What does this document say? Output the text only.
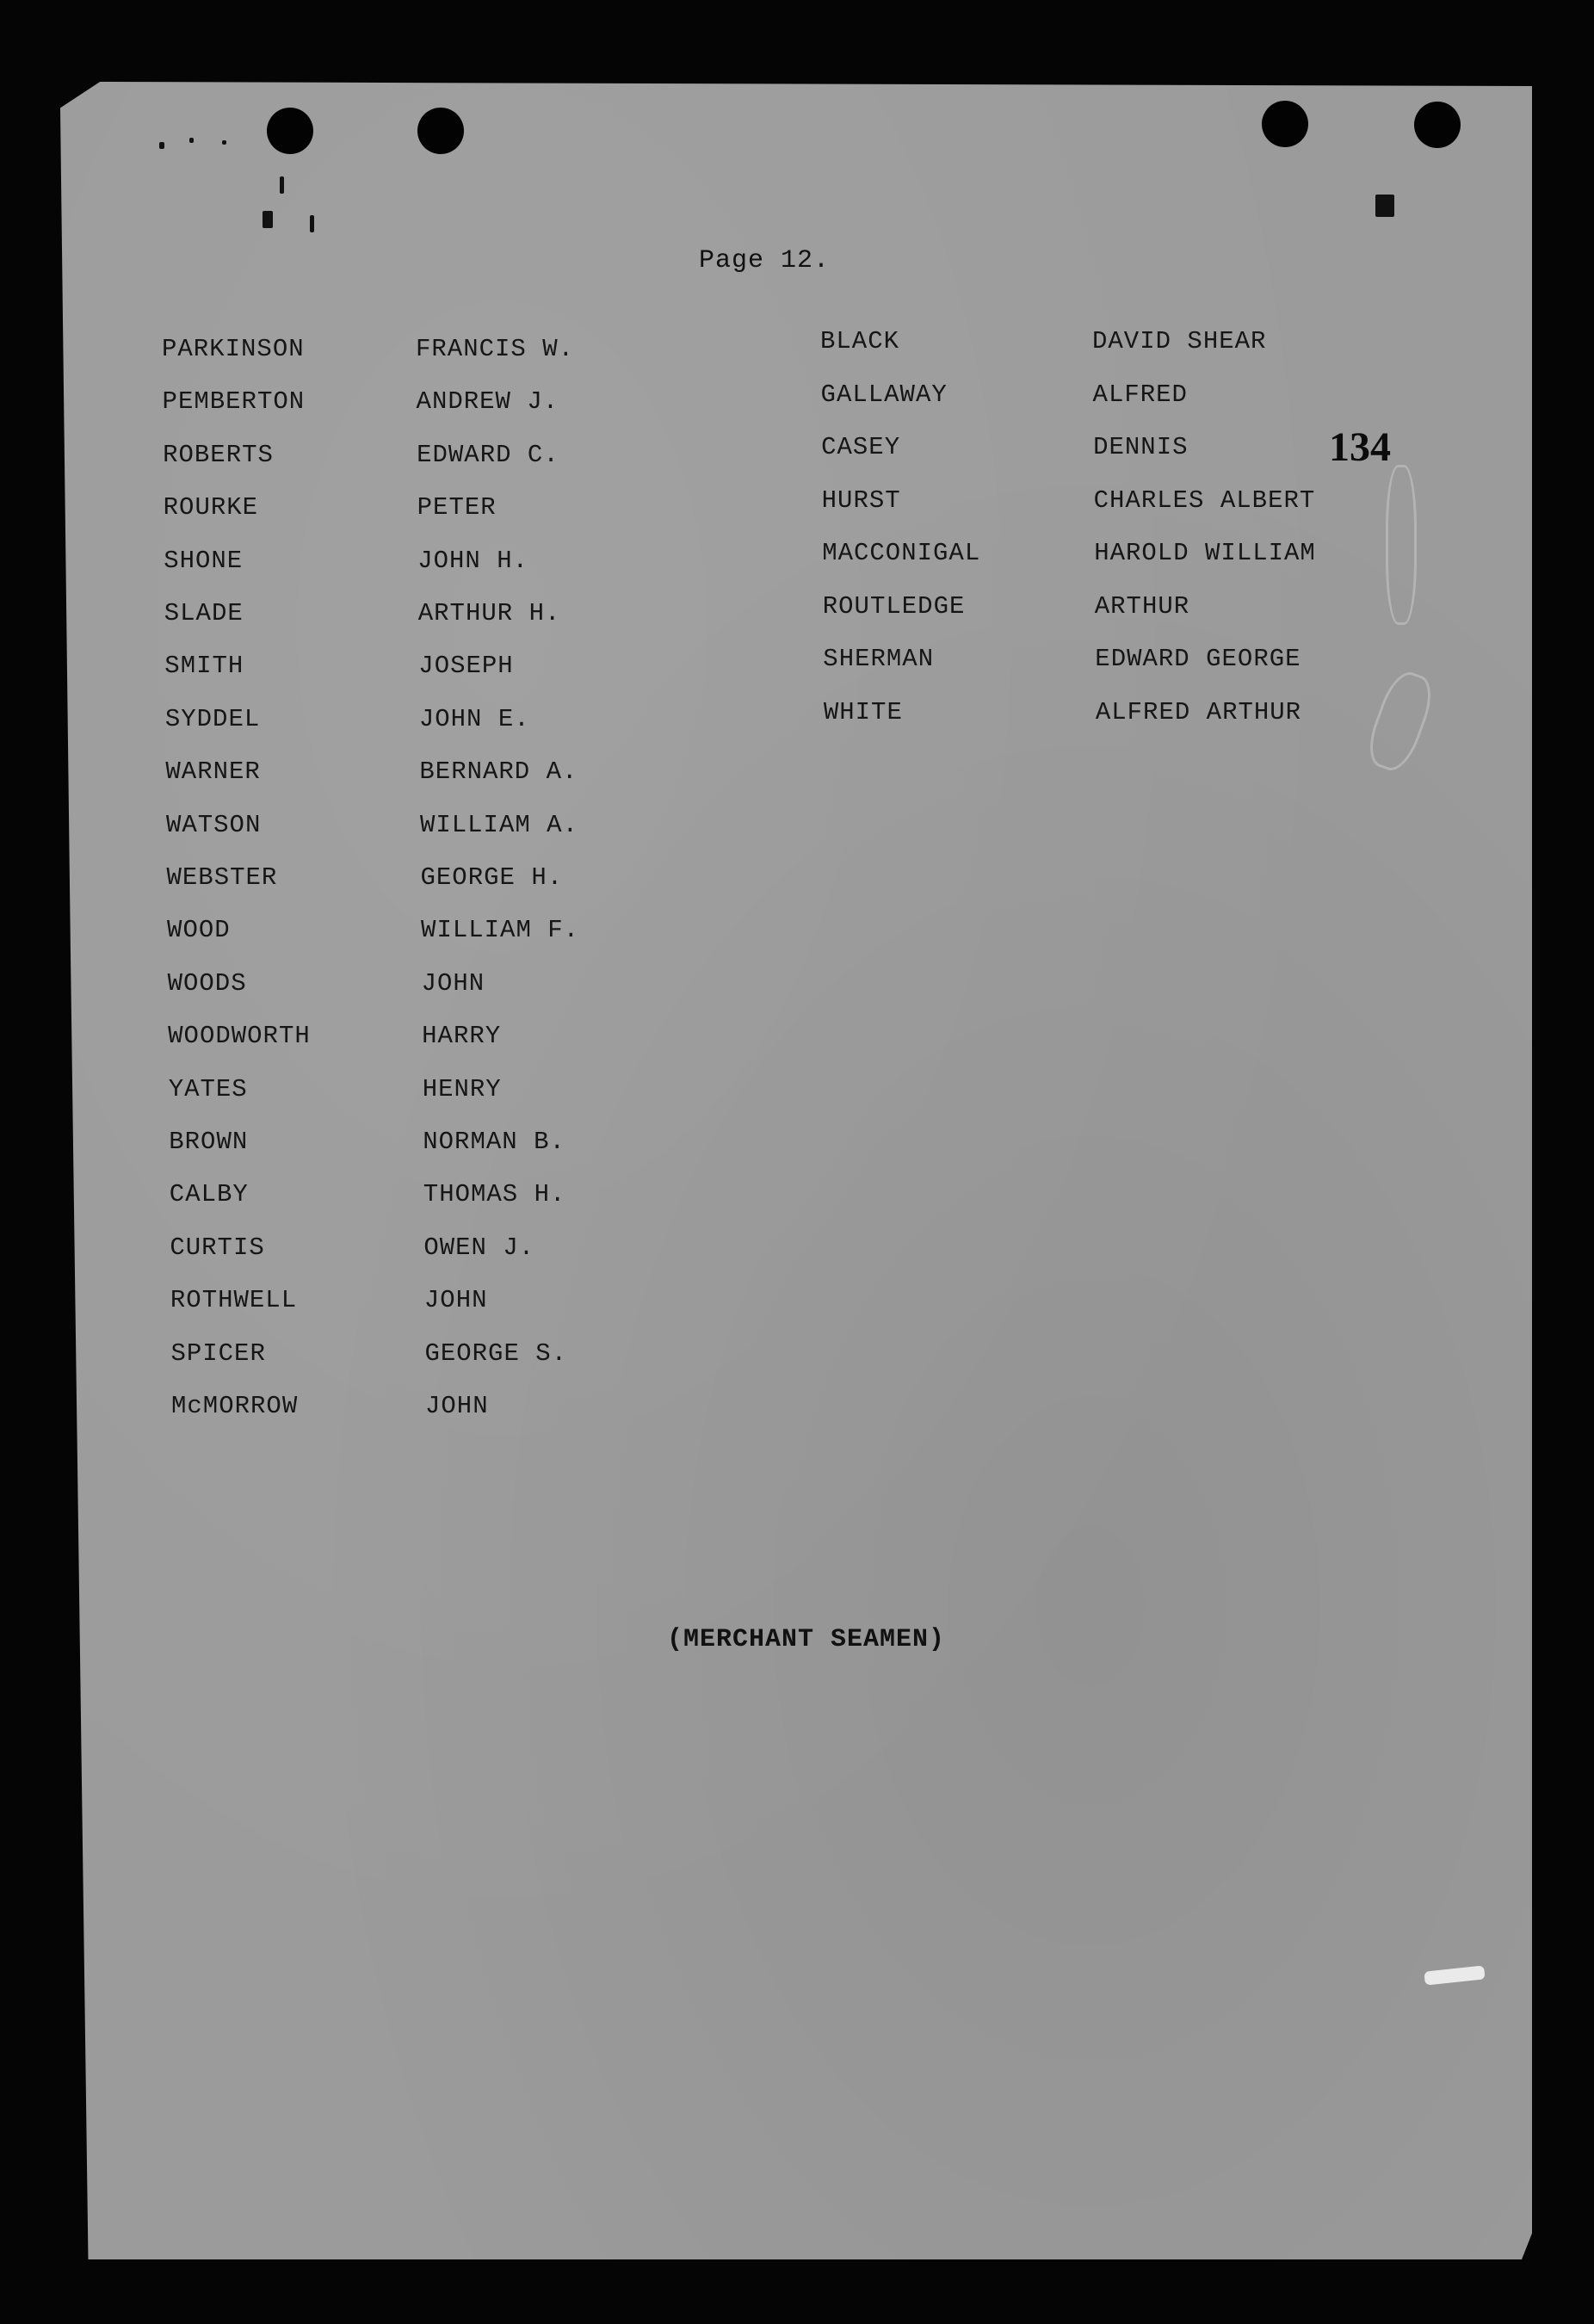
Page 12.
134
PARKINSON	FRANCIS W.
PEMBERTON	ANDREW J.
ROBERTS	EDWARD C.
ROURKE	PETER
SHONE	JOHN H.
SLADE	ARTHUR H.
SMITH	JOSEPH
SYDDEL	JOHN E.
WARNER	BERNARD A.
WATSON	WILLIAM A.
WEBSTER	GEORGE H.
WOOD	WILLIAM F.
WOODS	JOHN
WOODWORTH	HARRY
YATES	HENRY
BROWN	NORMAN B.
CALBY	THOMAS H.
CURTIS	OWEN J.
ROTHWELL	JOHN
SPICER	GEORGE S.
McMORROW	JOHN
BLACK	DAVID SHEAR
GALLAWAY	ALFRED
CASEY	DENNIS
HURST	CHARLES ALBERT
MACCONIGAL	HAROLD WILLIAM
ROUTLEDGE	ARTHUR
SHERMAN	EDWARD GEORGE
WHITE	ALFRED ARTHUR
(MERCHANT SEAMEN)
